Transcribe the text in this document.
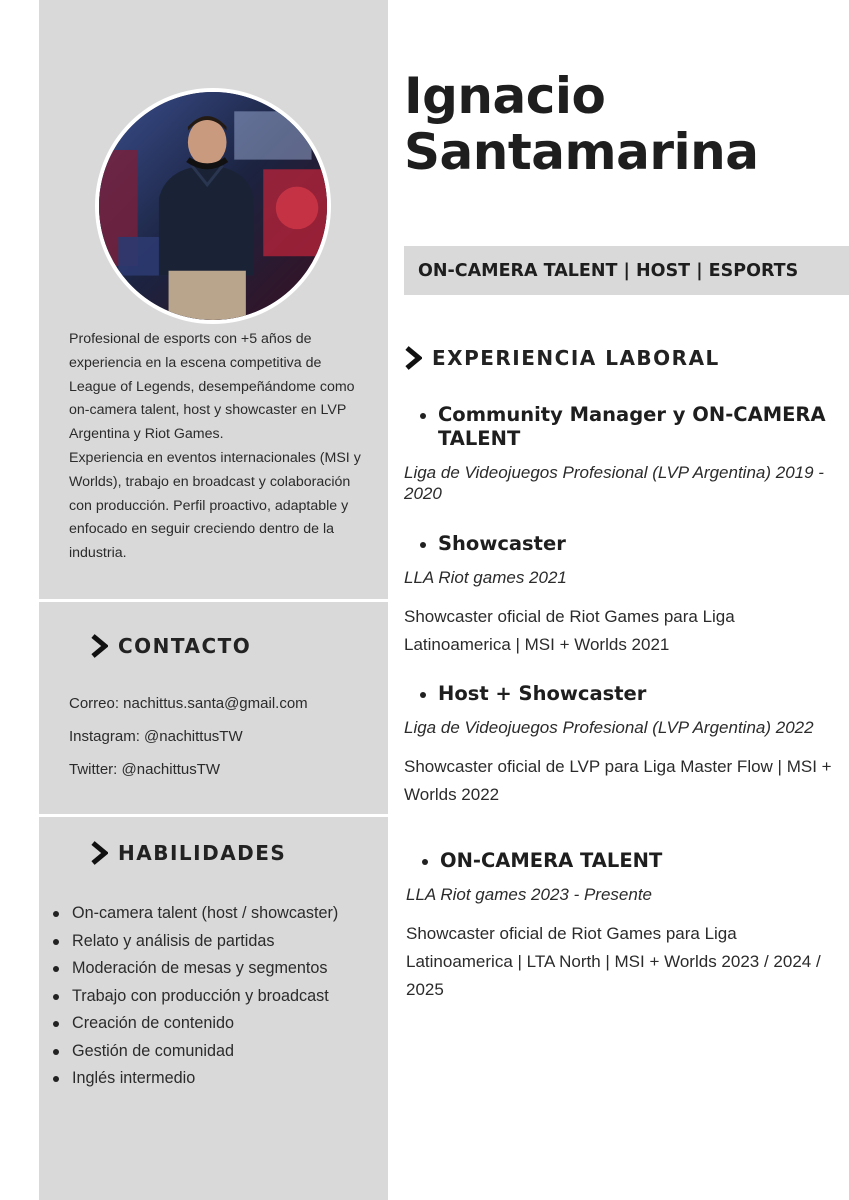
Profesional de esports con +5 años de experiencia en la escena competitiva de League of Legends, desempeñándome como on-camera talent, host y showcaster en LVP Argentina y Riot Games.

Experiencia en eventos internacionales (MSI y Worlds), trabajo en broadcast y colaboración con producción. Perfil proactivo, adaptable y enfocado en seguir creciendo dentro de la industria.

CONTACTO
Correo: nachittus.santa@gmail.com
Instagram: @nachittusTW
Twitter: @nachittusTW
HABILIDADES
On-camera talent (host / showcaster)
Relato y análisis de partidas
Moderación de mesas y segmentos
Trabajo con producción y broadcast
Creación de contenido
Gestión de comunidad
Inglés intermedio
Ignacio
Santamarina
ON-CAMERA TALENT | HOST | ESPORTS
EXPERIENCIA LABORAL
Community Manager y ON-CAMERA TALENT
Liga de Videojuegos Profesional (LVP Argentina) 2019 - 2020
Showcaster
LLA Riot games 2021
Showcaster oficial de Riot Games para Liga Latinoamerica | MSI + Worlds 2021
Host + Showcaster
Liga de Videojuegos Profesional (LVP Argentina) 2022
Showcaster oficial de LVP para Liga Master Flow | MSI + Worlds 2022
ON-CAMERA TALENT
LLA Riot games 2023 - Presente
Showcaster oficial de Riot Games para Liga Latinoamerica | LTA North | MSI + Worlds 2023 / 2024 / 2025
